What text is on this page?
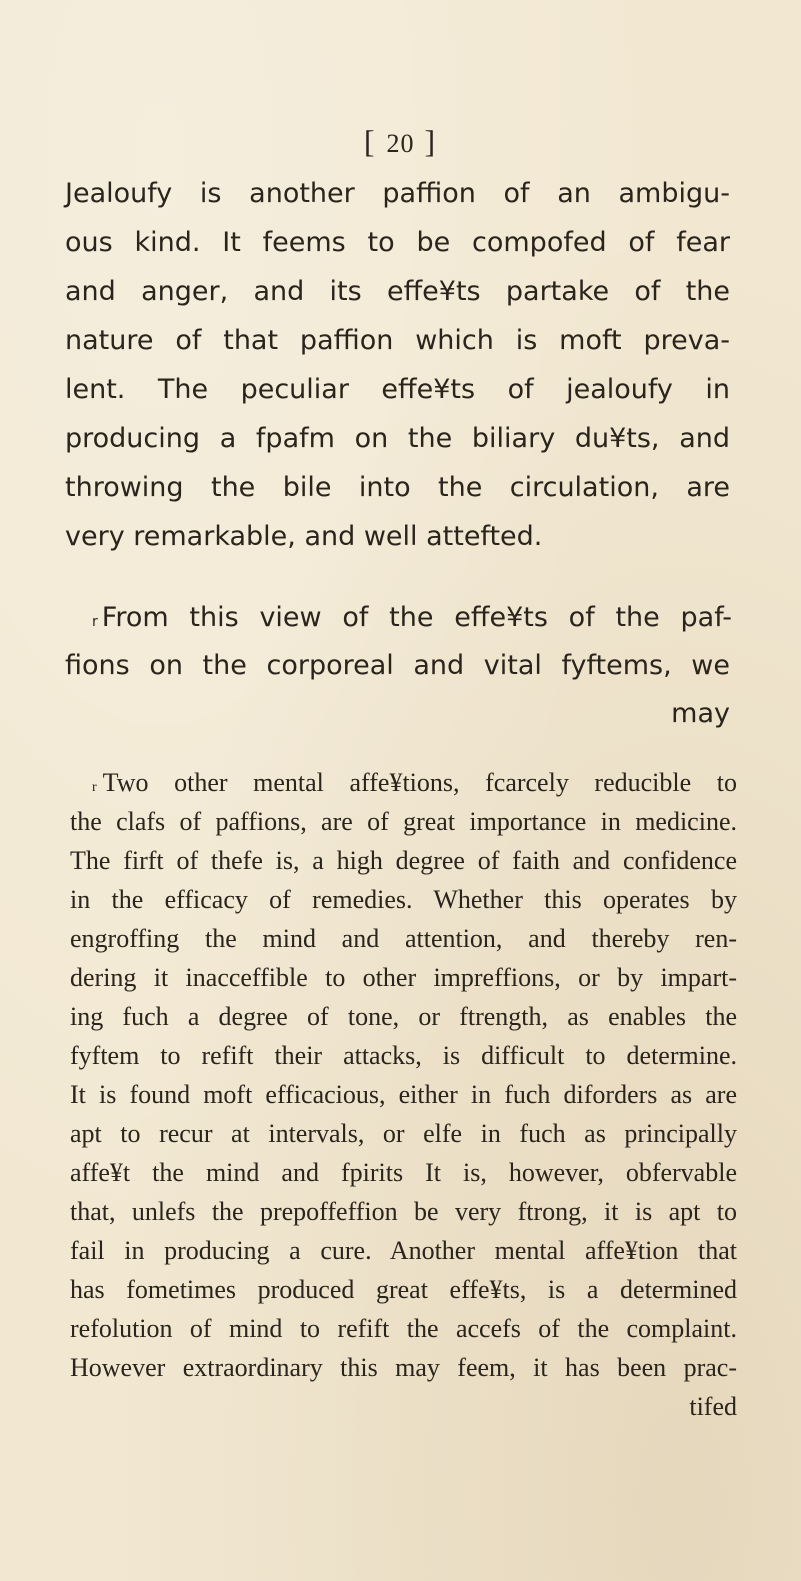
[ 20 ]
Jealoufy is another paffion of an ambigu-
ous kind. It feems to be compofed of fear
and anger, and its effe¥ts partake of the
nature of that paffion which is moft preva-
lent. The peculiar effe¥ts of jealoufy in
producing a fpafm on the biliary du¥ts, and
throwing the bile into the circulation, are
very remarkable, and well attefted.
r From this view of the effe¥ts of the paf-
fions on the corporeal and vital fyftems, we
may
r Two other mental affe¥tions, fcarcely reducible to
the clafs of paffions, are of great importance in medicine.
The firft of thefe is, a high degree of faith and confidence
in the efficacy of remedies. Whether this operates by
engroffing the mind and attention, and thereby ren-
dering it inacceffible to other impreffions, or by impart-
ing fuch a degree of tone, or ftrength, as enables the
fyftem to refift their attacks, is difficult to determine.
It is found moft efficacious, either in fuch diforders as are
apt to recur at intervals, or elfe in fuch as principally
affe¥t the mind and fpirits It is, however, obfervable
that, unlefs the prepoffeffion be very ftrong, it is apt to
fail in producing a cure. Another mental affe¥tion that
has fometimes produced great effe¥ts, is a determined
refolution of mind to refift the accefs of the complaint.
However extraordinary this may feem, it has been prac-
tifed
